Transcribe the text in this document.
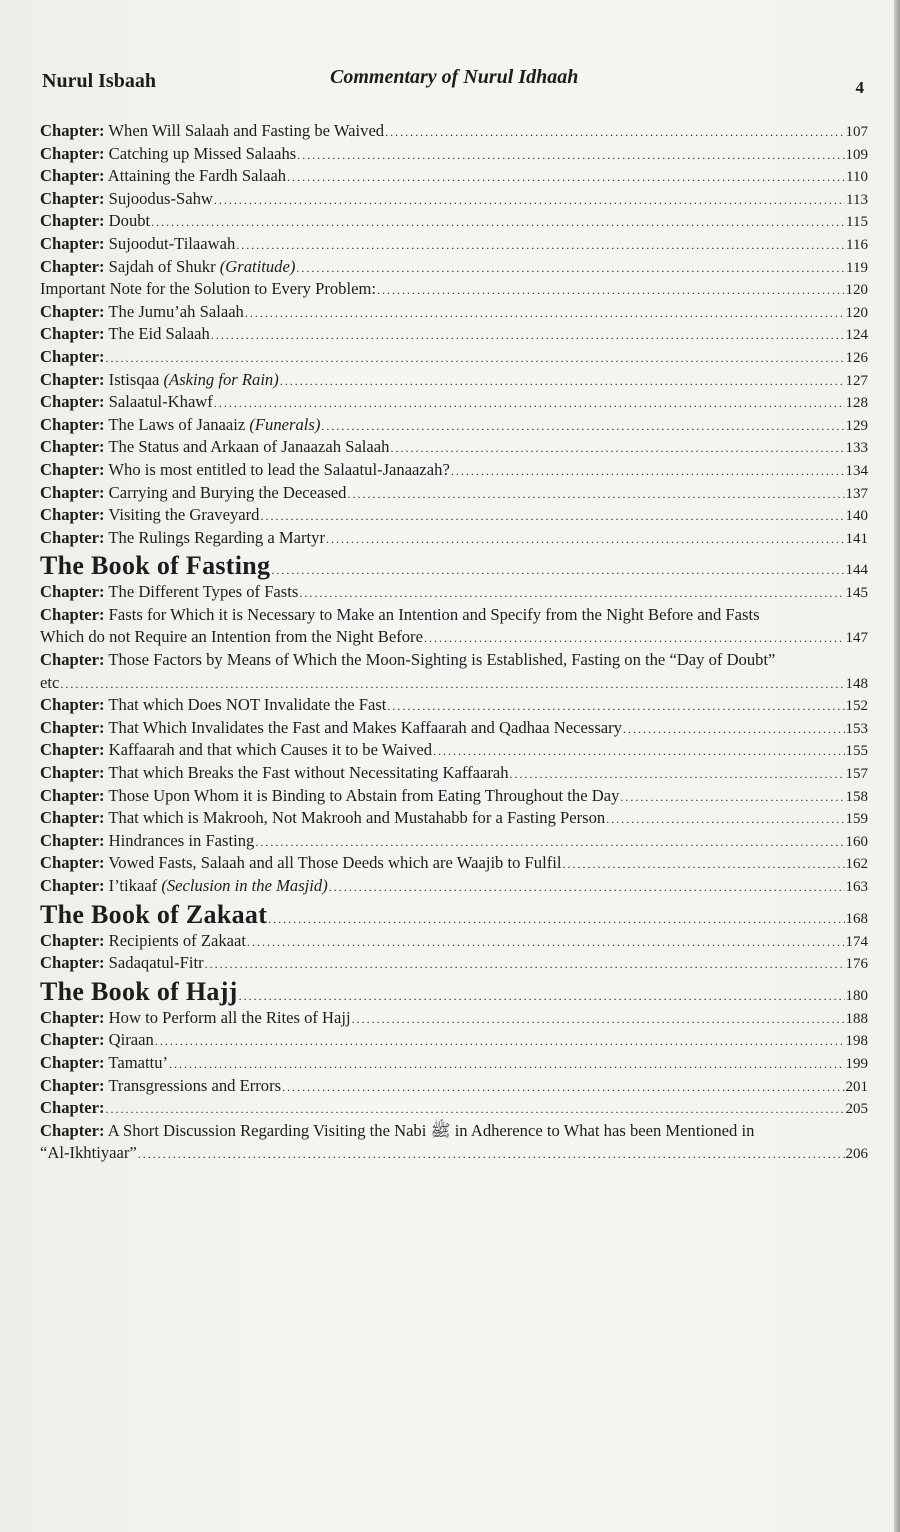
Nurul Isbaah	Commentary of Nurul Idhaah	4
Chapter: When Will Salaah and Fasting be Waived .....	107
Chapter: Catching up Missed Salaahs .....	109
Chapter: Attaining the Fardh Salaah .....	110
Chapter: Sujoodus-Sahw .....	113
Chapter: Doubt .....	115
Chapter: Sujoodut-Tilaawah .....	116
Chapter: Sajdah of Shukr (Gratitude) .....	119
Important Note for the Solution to Every Problem: .....	120
Chapter: The Jumu’ah Salaah .....	120
Chapter: The Eid Salaah .....	124
Chapter: .....	126
Chapter: Istisqaa (Asking for Rain) .....	127
Chapter: Salaatul-Khawf .....	128
Chapter: The Laws of Janaaiz (Funerals) .....	129
Chapter: The Status and Arkaan of Janaazah Salaah .....	133
Chapter: Who is most entitled to lead the Salaatul-Janaazah? .....	134
Chapter: Carrying and Burying the Deceased .....	137
Chapter: Visiting the Graveyard .....	140
Chapter: The Rulings Regarding a Martyr .....	141
The Book of Fasting .....	144
Chapter: The Different Types of Fasts .....	145
Chapter: Fasts for Which it is Necessary to Make an Intention and Specify from the Night Before and Fasts
Which do not Require an Intention from the Night Before .....	147
Chapter: Those Factors by Means of Which the Moon-Sighting is Established, Fasting on the “Day of Doubt”
etc .....	148
Chapter: That which Does NOT Invalidate the Fast .....	152
Chapter: That Which Invalidates the Fast and Makes Kaffaarah and Qadhaa Necessary .....	153
Chapter: Kaffaarah and that which Causes it to be Waived .....	155
Chapter: That which Breaks the Fast without Necessitating Kaffaarah .....	157
Chapter: Those Upon Whom it is Binding to Abstain from Eating Throughout the Day .....	158
Chapter: That which is Makrooh, Not Makrooh and Mustahabb for a Fasting Person .....	159
Chapter: Hindrances in Fasting .....	160
Chapter: Vowed Fasts, Salaah and all Those Deeds which are Waajib to Fulfil .....	162
Chapter: I’tikaaf (Seclusion in the Masjid) .....	163
The Book of Zakaat .....	168
Chapter: Recipients of Zakaat .....	174
Chapter: Sadaqatul-Fitr .....	176
The Book of Hajj .....	180
Chapter: How to Perform all the Rites of Hajj .....	188
Chapter: Qiraan .....	198
Chapter: Tamattu’ .....	199
Chapter: Transgressions and Errors .....	201
Chapter: .....	205
Chapter: A Short Discussion Regarding Visiting the Nabi ﷺ in Adherence to What has been Mentioned in
“Al-Ikhtiyaar” .....	206
